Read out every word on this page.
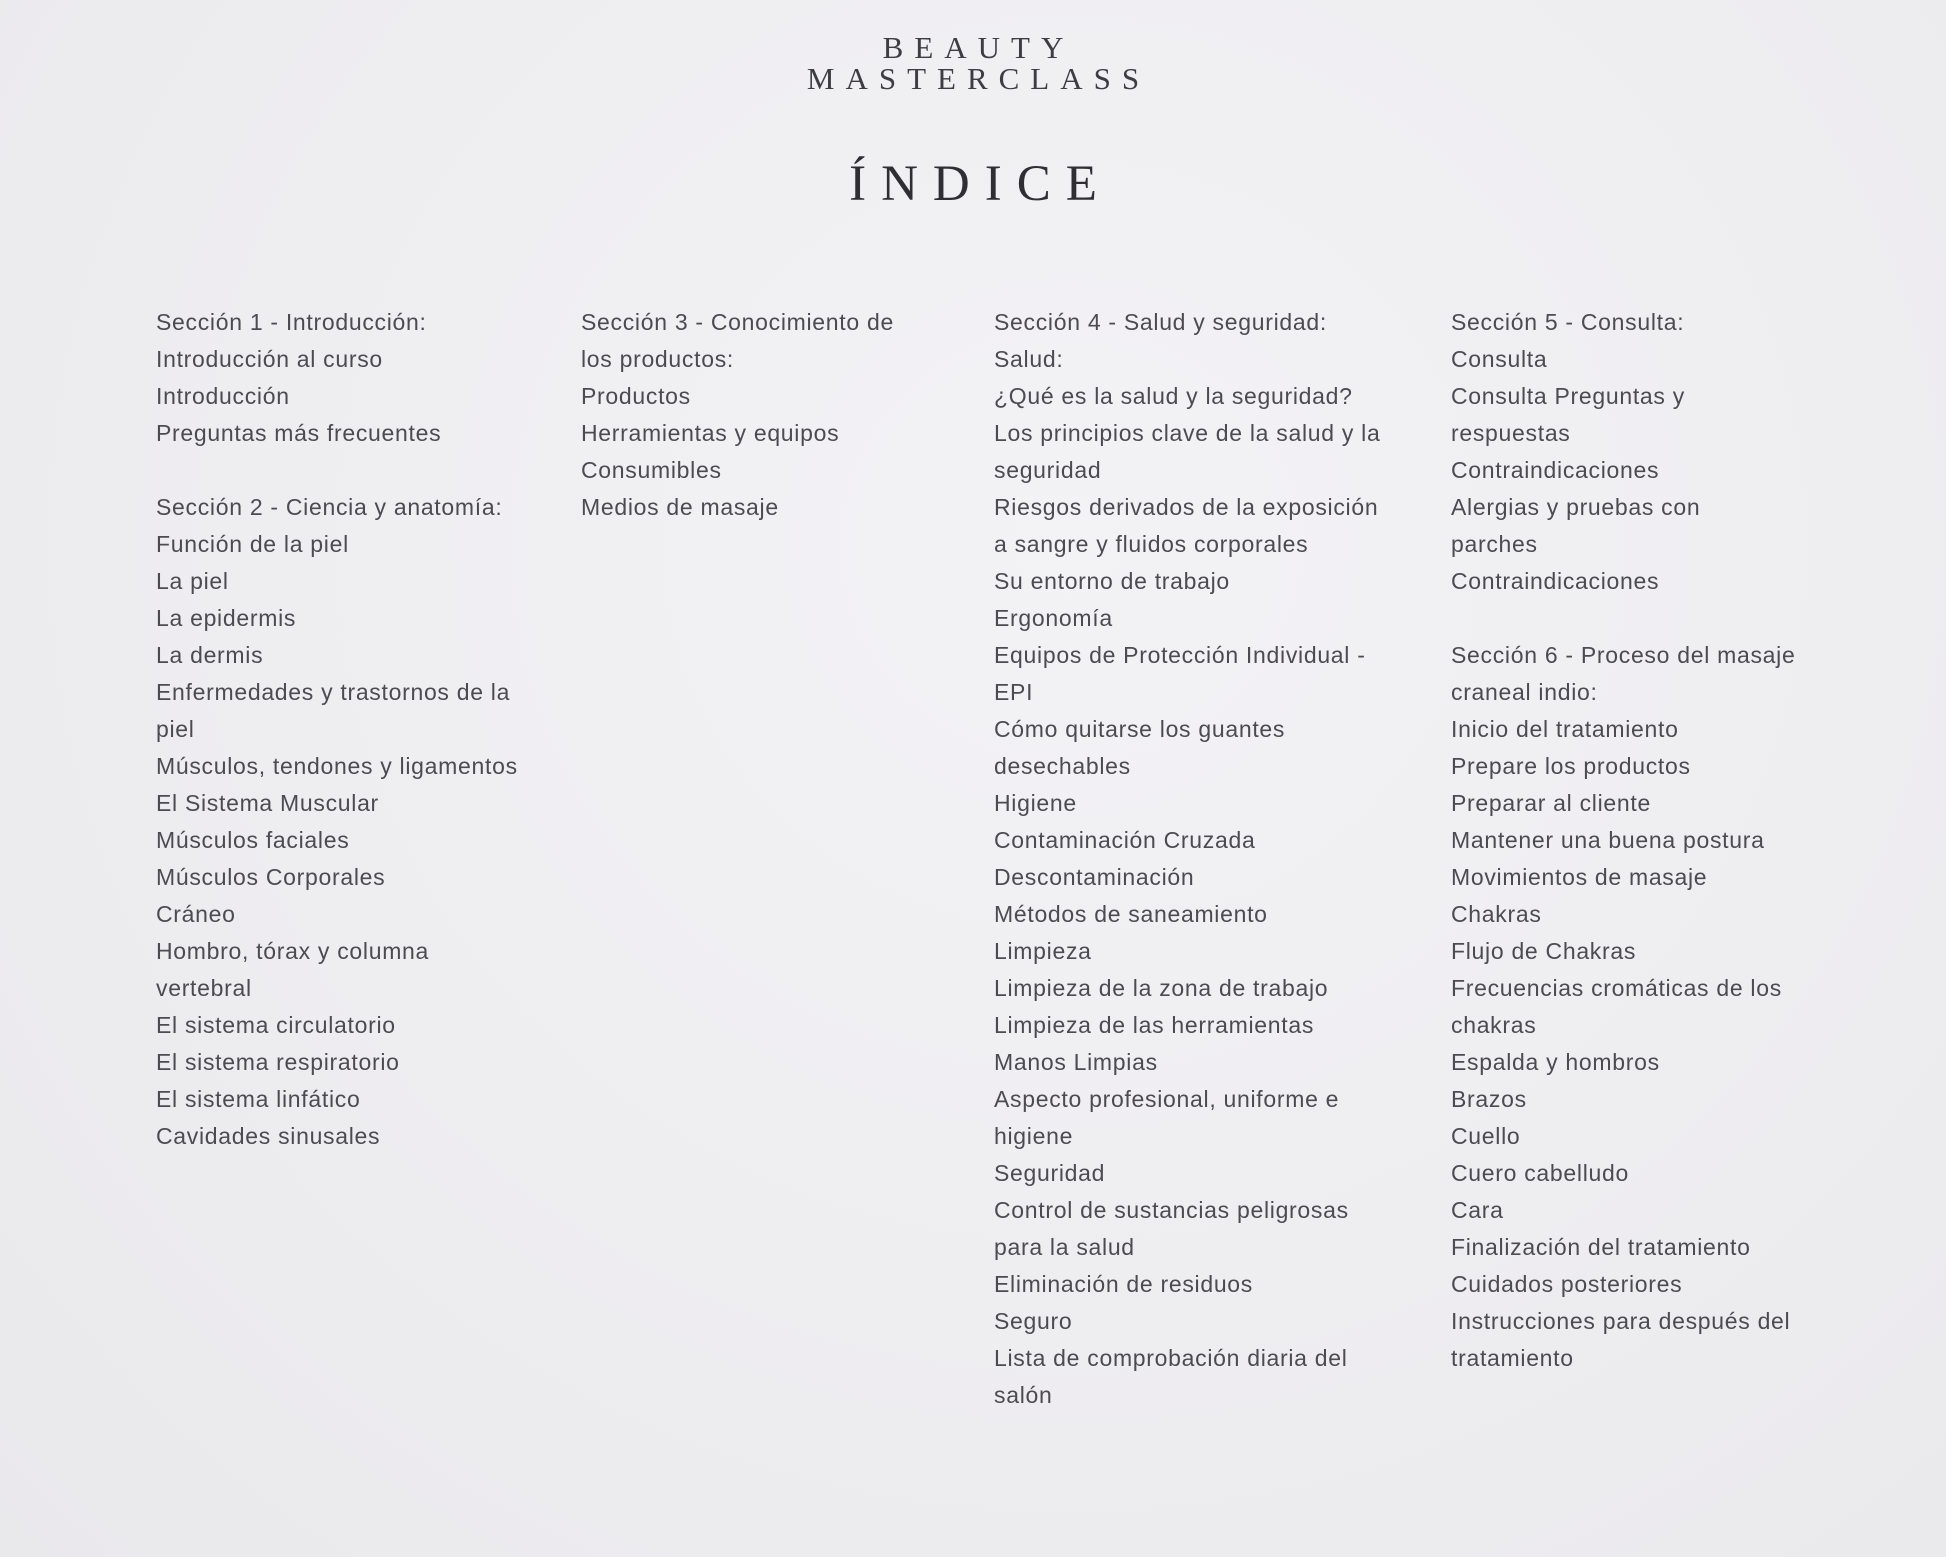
BEAUTY
MASTERCLASS
ÍNDICE
Sección 1 - Introducción:
Introducción al curso
Introducción
Preguntas más frecuentes
Sección 2 - Ciencia y anatomía:
Función de la piel
La piel
La epidermis
La dermis
Enfermedades y trastornos de la
piel
Músculos, tendones y ligamentos
El Sistema Muscular
Músculos faciales
Músculos Corporales
Cráneo
Hombro, tórax y columna
vertebral
El sistema circulatorio
El sistema respiratorio
El sistema linfático
Cavidades sinusales
Sección 3 - Conocimiento de
los productos:
Productos
Herramientas y equipos
Consumibles
Medios de masaje
Sección 4 - Salud y seguridad:
Salud:
¿Qué es la salud y la seguridad?
Los principios clave de la salud y la
seguridad
Riesgos derivados de la exposición
a sangre y fluidos corporales
Su entorno de trabajo
Ergonomía
Equipos de Protección Individual -
EPI
Cómo quitarse los guantes
desechables
Higiene
Contaminación Cruzada
Descontaminación
Métodos de saneamiento
Limpieza
Limpieza de la zona de trabajo
Limpieza de las herramientas
Manos Limpias
Aspecto profesional, uniforme e
higiene
Seguridad
Control de sustancias peligrosas
para la salud
Eliminación de residuos
Seguro
Lista de comprobación diaria del
salón
Sección 5 - Consulta:
Consulta
Consulta Preguntas y
respuestas
Contraindicaciones
Alergias y pruebas con
parches
Contraindicaciones
Sección 6 - Proceso del masaje
craneal indio:
Inicio del tratamiento
Prepare los productos
Preparar al cliente
Mantener una buena postura
Movimientos de masaje
Chakras
Flujo de Chakras
Frecuencias cromáticas de los
chakras
Espalda y hombros
Brazos
Cuello
Cuero cabelludo
Cara
Finalización del tratamiento
Cuidados posteriores
Instrucciones para después del
tratamiento
